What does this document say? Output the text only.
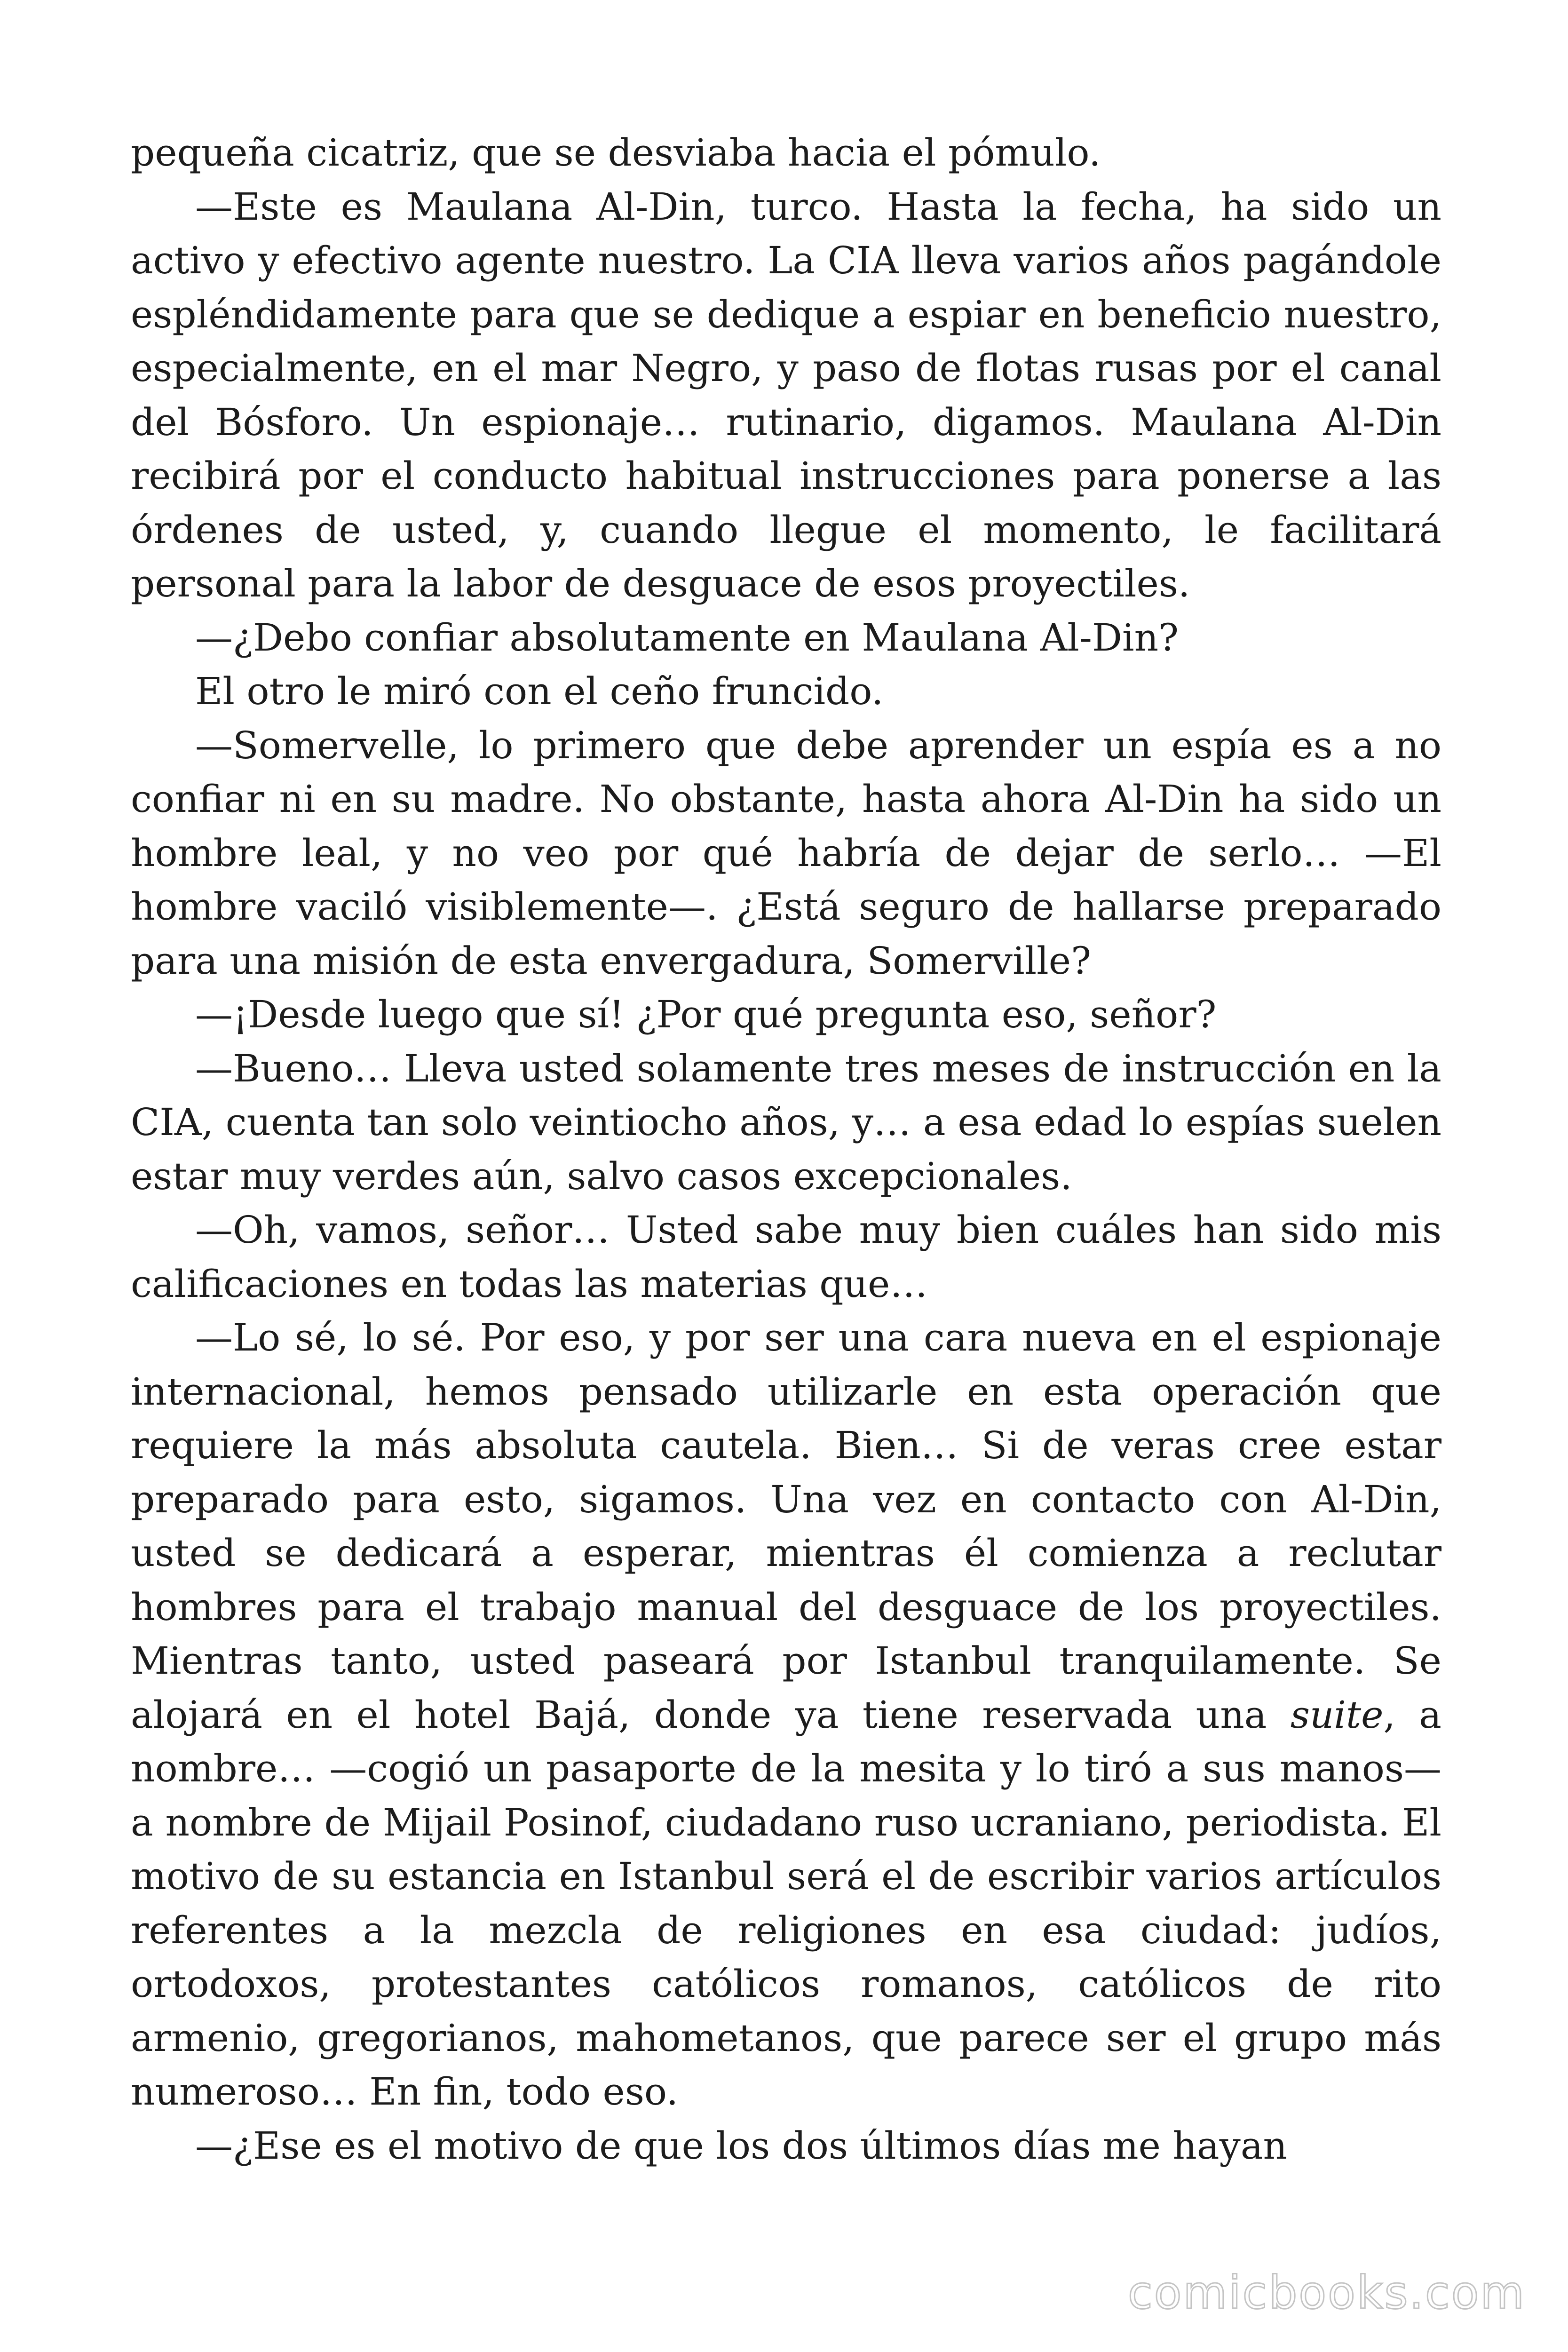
pequeña cicatriz, que se desviaba hacia el pómulo.

—Este es Maulana Al-Din, turco. Hasta la fecha, ha sido un activo y efectivo agente nuestro. La CIA lleva varios años pagándole espléndidamente para que se dedique a espiar en beneficio nuestro, especialmente, en el mar Negro, y paso de flotas rusas por el canal del Bósforo. Un espionaje… rutinario, digamos. Maulana Al-Din recibirá por el conducto habitual instrucciones para ponerse a las órdenes de usted, y, cuando llegue el momento, le facilitará personal para la labor de desguace de esos proyectiles.

—¿Debo confiar absolutamente en Maulana Al-Din?

El otro le miró con el ceño fruncido.

—Somervelle, lo primero que debe aprender un espía es a no confiar ni en su madre. No obstante, hasta ahora Al-Din ha sido un hombre leal, y no veo por qué habría de dejar de serlo… —El hombre vaciló visiblemente—. ¿Está seguro de hallarse preparado para una misión de esta envergadura, Somerville?

—¡Desde luego que sí! ¿Por qué pregunta eso, señor?

—Bueno… Lleva usted solamente tres meses de instrucción en la CIA, cuenta tan solo veintiocho años, y… a esa edad lo espías suelen estar muy verdes aún, salvo casos excepcionales.

—Oh, vamos, señor… Usted sabe muy bien cuáles han sido mis calificaciones en todas las materias que…

—Lo sé, lo sé. Por eso, y por ser una cara nueva en el espionaje internacional, hemos pensado utilizarle en esta operación que requiere la más absoluta cautela. Bien… Si de veras cree estar preparado para esto, sigamos. Una vez en contacto con Al-Din, usted se dedicará a esperar, mientras él comienza a reclutar hombres para el trabajo manual del desguace de los proyectiles. Mientras tanto, usted paseará por Istanbul tranquilamente. Se alojará en el hotel Bajá, donde ya tiene reservada una suite, a nombre… —cogió un pasaporte de la mesita y lo tiró a sus manos— a nombre de Mijail Posinof, ciudadano ruso ucraniano, periodista. El motivo de su estancia en Istanbul será el de escribir varios artículos referentes a la mezcla de religiones en esa ciudad: judíos, ortodoxos, protestantes católicos romanos, católicos de rito armenio, gregorianos, mahometanos, que parece ser el grupo más numeroso… En fin, todo eso.

—¿Ese es el motivo de que los dos últimos días me hayan

comicbooks.com
